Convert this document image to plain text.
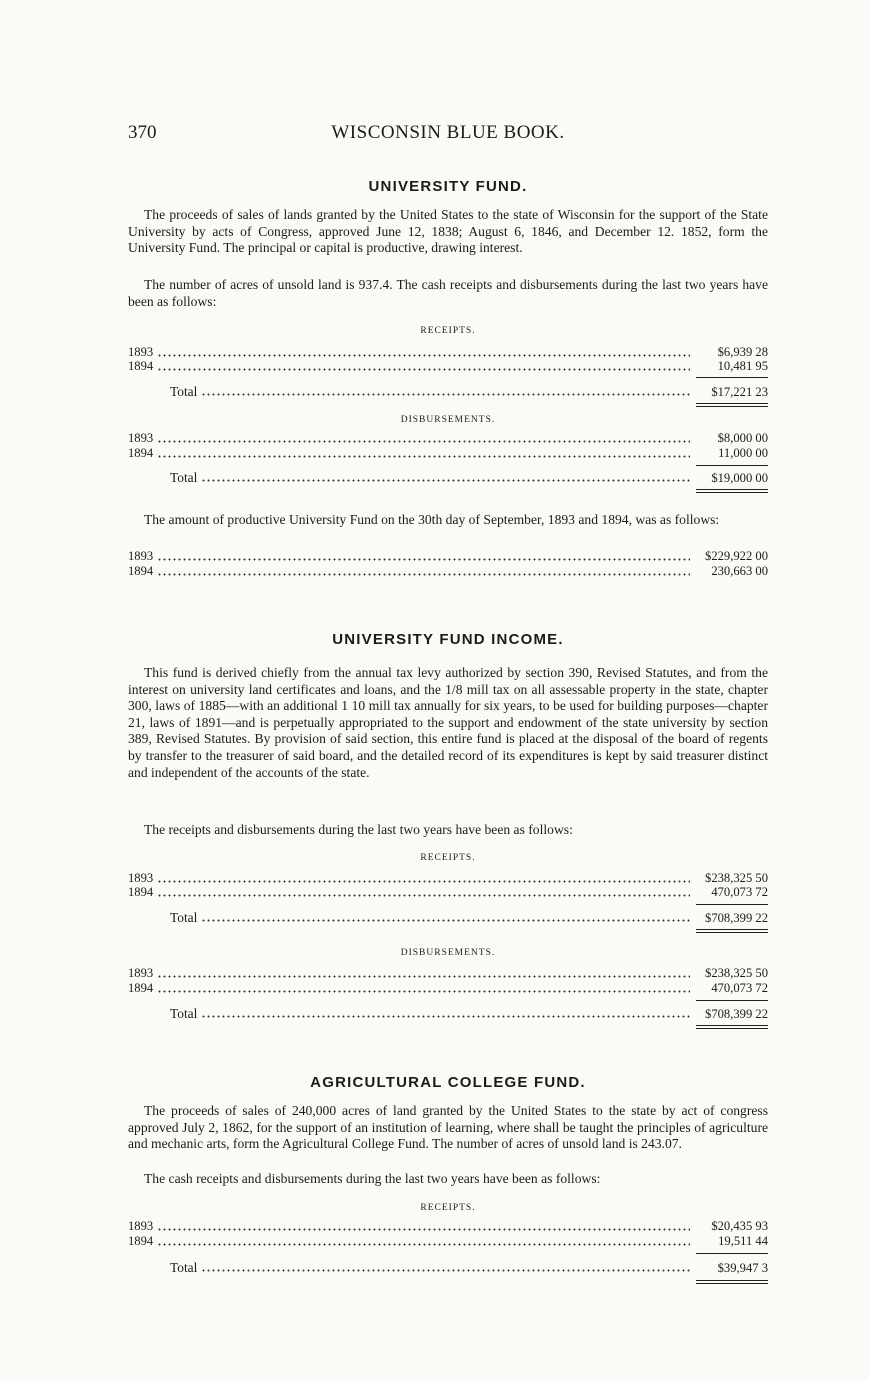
370	WISCONSIN BLUE BOOK.
UNIVERSITY FUND.

The proceeds of sales of lands granted by the United States to the state of Wisconsin for the support of the State University by acts of Congress, approved June 12, 1838; August 6, 1846, and December 12. 1852, form the University Fund. The principal or capital is productive, drawing interest.

The number of acres of unsold land is 937.4. The cash receipts and disbursements during the last two years have been as follows:

RECEIPTS.
1893	$6,939 28
1894	10,481 95
Total	$17,221 23
DISBURSEMENTS.
1893	$8,000 00
1894	11,000 00
Total	$19,000 00

The amount of productive University Fund on the 30th day of September, 1893 and 1894, was as follows:

1893	$229,922 00
1894	230,663 00
UNIVERSITY FUND INCOME.

This fund is derived chiefly from the annual tax levy authorized by section 390, Revised Statutes, and from the interest on university land certificates and loans, and the 1/8 mill tax on all assessable property in the state, chapter 300, laws of 1885—with an additional 1 10 mill tax annually for six years, to be used for building purposes—chapter 21, laws of 1891—and is perpetually appropriated to the support and endowment of the state university by section 389, Revised Statutes. By provision of said section, this entire fund is placed at the disposal of the board of regents by transfer to the treasurer of said board, and the detailed record of its expenditures is kept by said treasurer distinct and independent of the accounts of the state.

The receipts and disbursements during the last two years have been as follows:

RECEIPTS.
1893	$238,325 50
1894	470,073 72
Total	$708,399 22
DISBURSEMENTS.
1893	$238,325 50
1894	470,073 72
Total	$708,399 22
AGRICULTURAL COLLEGE FUND.

The proceeds of sales of 240,000 acres of land granted by the United States to the state by act of congress approved July 2, 1862, for the support of an institution of learning, where shall be taught the principles of agriculture and mechanic arts, form the Agricultural College Fund. The number of acres of unsold land is 243.07.

The cash receipts and disbursements during the last two years have been as follows:

RECEIPTS.
1893	$20,435 93
1894	19,511 44
Total	$39,947 3
